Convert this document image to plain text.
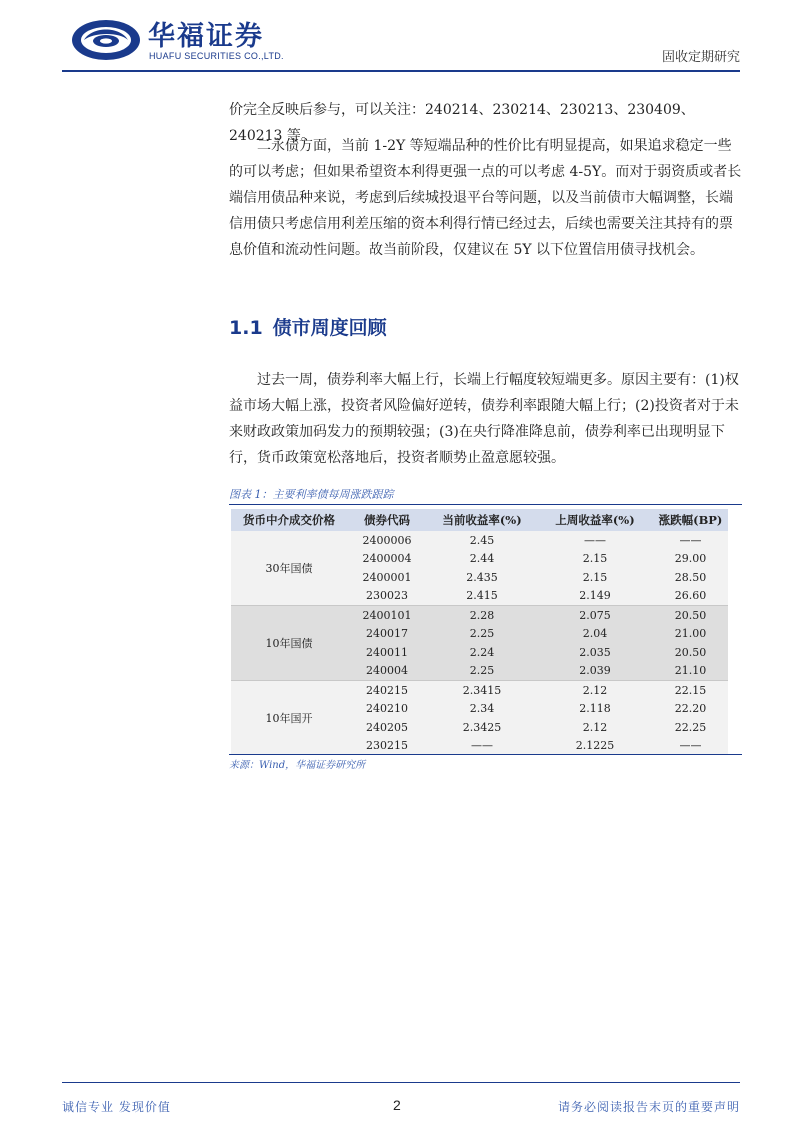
华福证券
HUAFU SECURITIES CO.,LTD.	固收定期研究
价完全反映后参与，可以关注：240214、230214、230213、230409、240213 等。
二永债方面，当前 1-2Y 等短端品种的性价比有明显提高，如果追求稳定一些的可以考虑；但如果希望资本利得更强一点的可以考虑 4-5Y。而对于弱资质或者长端信用债品种来说，考虑到后续城投退平台等问题，以及当前债市大幅调整，长端信用债只考虑信用利差压缩的资本利得行情已经过去，后续也需要关注其持有的票息价值和流动性问题。故当前阶段，仅建议在 5Y 以下位置信用债寻找机会。
1.1 债市周度回顾
过去一周，债券利率大幅上行，长端上行幅度较短端更多。原因主要有：(1)权益市场大幅上涨，投资者风险偏好逆转，债券利率跟随大幅上行；(2)投资者对于未来财政政策加码发力的预期较强；(3)在央行降准降息前，债券利率已出现明显下行，货币政策宽松落地后，投资者顺势止盈意愿较强。
图表 1：主要利率债每周涨跌跟踪
货币中介成交价格	债券代码	当前收益率(%)	上周收益率(%)	涨跌幅(BP)
30年国债	2400006	2.45	——	——
	2400004	2.44	2.15	29.00
	2400001	2.435	2.15	28.50
	230023	2.415	2.149	26.60
10年国债	2400101	2.28	2.075	20.50
	240017	2.25	2.04	21.00
	240011	2.24	2.035	20.50
	240004	2.25	2.039	21.10
10年国开	240215	2.3415	2.12	22.15
	240210	2.34	2.118	22.20
	240205	2.3425	2.12	22.25
	230215	——	2.1225	——
来源：Wind，华福证券研究所
诚信专业 发现价值	2	请务必阅读报告末页的重要声明
